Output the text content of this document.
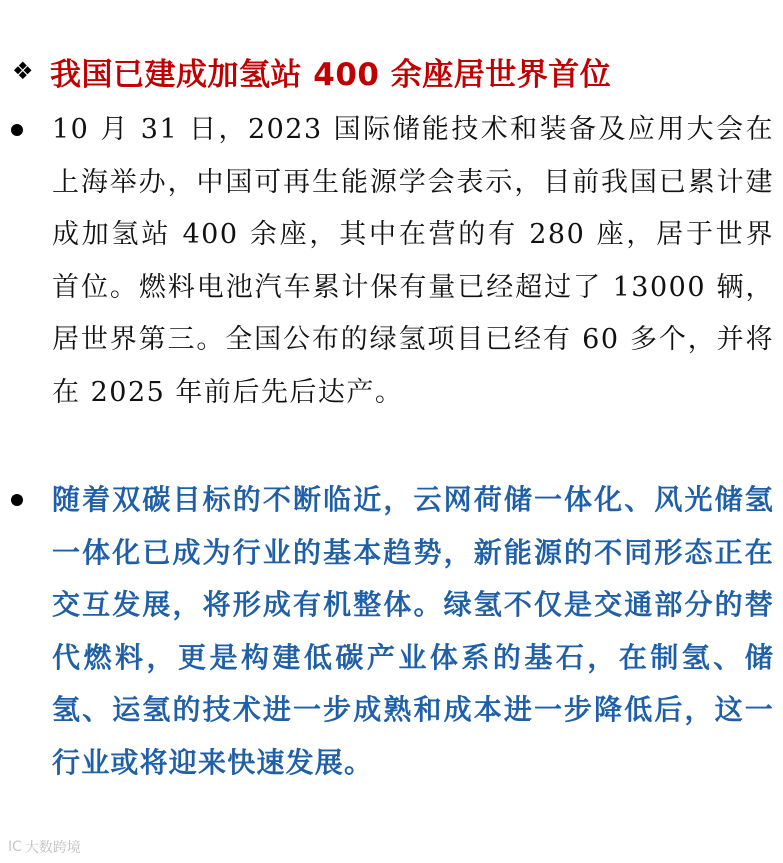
❖ 我国已建成加氢站 400 余座居世界首位

10 月 31 日，2023 国际储能技术和装备及应用大会在上海举办，中国可再生能源学会表示，目前我国已累计建成加氢站 400 余座，其中在营的有 280 座，居于世界首位。燃料电池汽车累计保有量已经超过了 13000 辆，居世界第三。全国公布的绿氢项目已经有 60 多个，并将在 2025 年前后先后达产。

随着双碳目标的不断临近，云网荷储一体化、风光储氢一体化已成为行业的基本趋势，新能源的不同形态正在交互发展，将形成有机整体。绿氢不仅是交通部分的替代燃料，更是构建低碳产业体系的基石，在制氢、储氢、运氢的技术进一步成熟和成本进一步降低后，这一行业或将迎来快速发展。

IC 大数跨境
